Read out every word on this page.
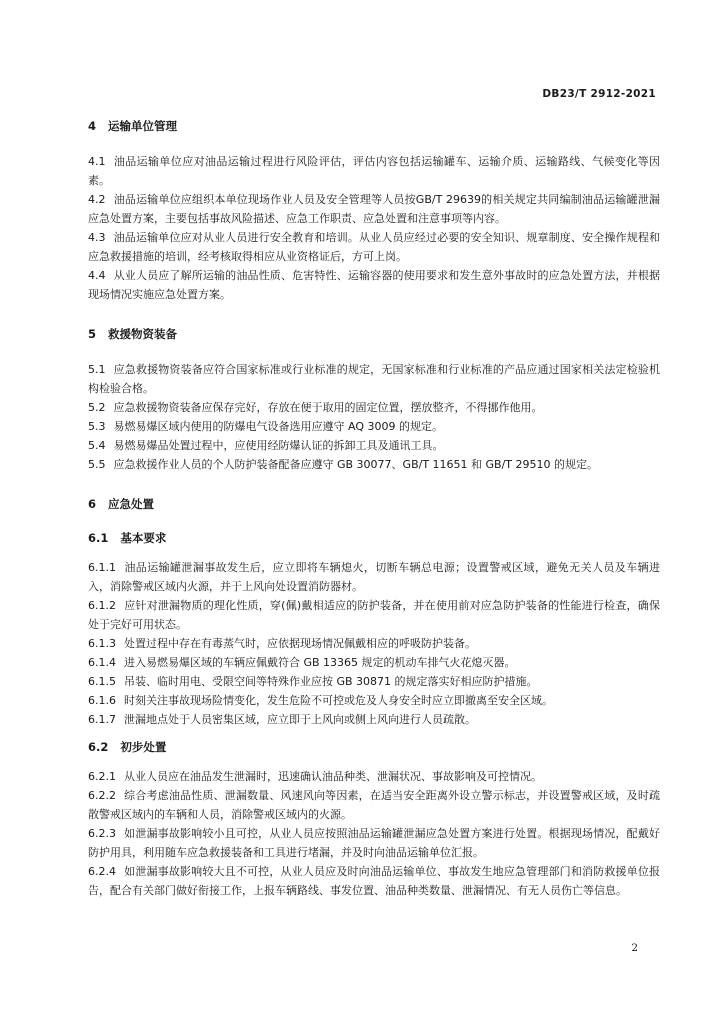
DB23/T 2912-2021
4 运输单位管理

4.1 油品运输单位应对油品运输过程进行风险评估，评估内容包括运输罐车、运输介质、运输路线、气候变化等因素。

4.2 油品运输单位应组织本单位现场作业人员及安全管理等人员按GB/T 29639的相关规定共同编制油品运输罐泄漏应急处置方案，主要包括事故风险描述、应急工作职责、应急处置和注意事项等内容。

4.3 油品运输单位应对从业人员进行安全教育和培训。从业人员应经过必要的安全知识、规章制度、安全操作规程和应急救援措施的培训，经考核取得相应从业资格证后，方可上岗。

4.4 从业人员应了解所运输的油品性质、危害特性、运输容器的使用要求和发生意外事故时的应急处置方法，并根据现场情况实施应急处置方案。

5 救援物资装备

5.1 应急救援物资装备应符合国家标准或行业标准的规定，无国家标准和行业标准的产品应通过国家相关法定检验机构检验合格。

5.2 应急救援物资装备应保存完好，存放在便于取用的固定位置，摆放整齐，不得挪作他用。

5.3 易燃易爆区域内使用的防爆电气设备选用应遵守 AQ 3009 的规定。

5.4 易燃易爆品处置过程中，应使用经防爆认证的拆卸工具及通讯工具。

5.5 应急救援作业人员的个人防护装备配备应遵守 GB 30077、GB/T 11651 和 GB/T 29510 的规定。

6 应急处置
6.1 基本要求

6.1.1 油品运输罐泄漏事故发生后，应立即将车辆熄火，切断车辆总电源；设置警戒区域，避免无关人员及车辆进入，消除警戒区域内火源，并于上风向处设置消防器材。

6.1.2 应针对泄漏物质的理化性质，穿(佩)戴相适应的防护装备，并在使用前对应急防护装备的性能进行检查，确保处于完好可用状态。

6.1.3 处置过程中存在有毒蒸气时，应依据现场情况佩戴相应的呼吸防护装备。

6.1.4 进入易燃易爆区域的车辆应佩戴符合 GB 13365 规定的机动车排气火花熄灭器。

6.1.5 吊装、临时用电、受限空间等特殊作业应按 GB 30871 的规定落实好相应防护措施。

6.1.6 时刻关注事故现场险情变化，发生危险不可控或危及人身安全时应立即撤离至安全区域。

6.1.7 泄漏地点处于人员密集区域，应立即于上风向或侧上风向进行人员疏散。

6.2 初步处置

6.2.1 从业人员应在油品发生泄漏时，迅速确认油品种类、泄漏状况、事故影响及可控情况。

6.2.2 综合考虑油品性质、泄漏数量、风速风向等因素，在适当安全距离外设立警示标志，并设置警戒区域，及时疏散警戒区域内的车辆和人员，消除警戒区域内的火源。

6.2.3 如泄漏事故影响较小且可控，从业人员应按照油品运输罐泄漏应急处置方案进行处置。根据现场情况，配戴好防护用具，利用随车应急救援装备和工具进行堵漏，并及时向油品运输单位汇报。

6.2.4 如泄漏事故影响较大且不可控，从业人员应及时向油品运输单位、事故发生地应急管理部门和消防救援单位报告，配合有关部门做好衔接工作，上报车辆路线、事发位置、油品种类数量、泄漏情况、有无人员伤亡等信息。

2
